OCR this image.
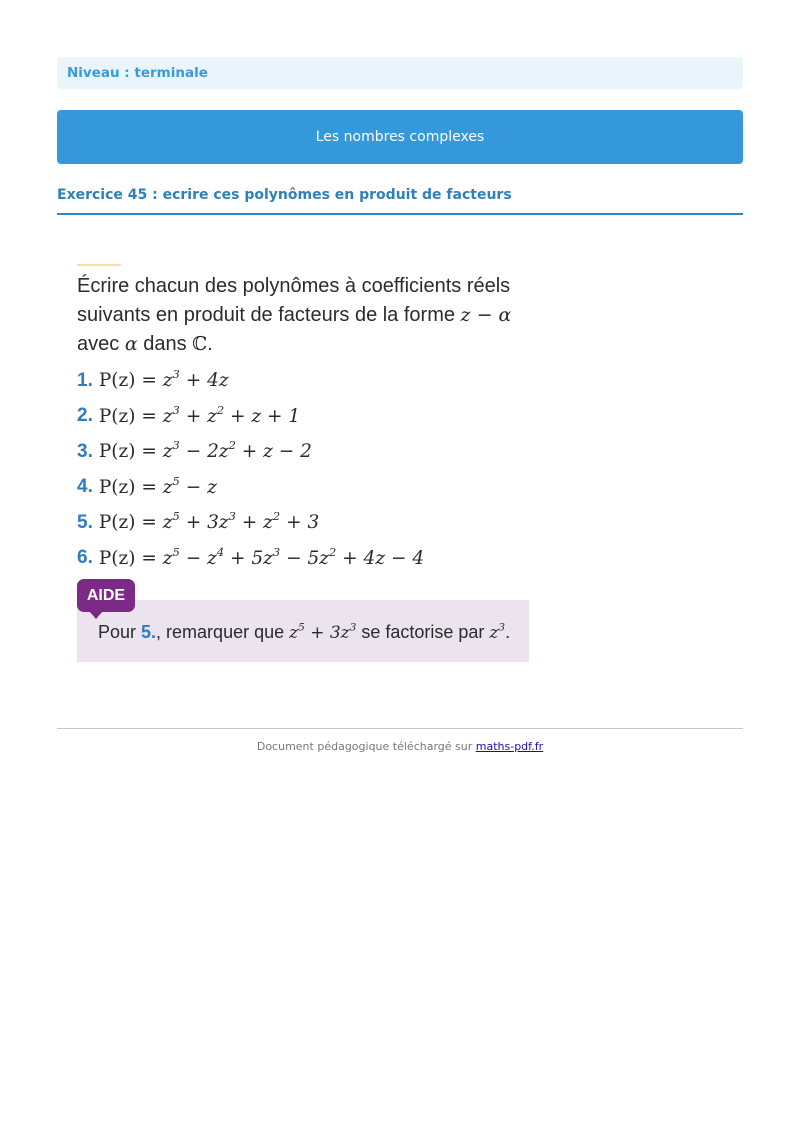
Niveau : terminale
Les nombres complexes
Exercice 45 : ecrire ces polynômes en produit de facteurs
Écrire chacun des polynômes à coefficients réels
suivants en produit de facteurs de la forme z − α
avec α dans ℂ.
1. $P(z) = z^3 + 4z$
2. $P(z) = z^3 + z^2 + z + 1$
3. $P(z) = z^3 - 2z^2 + z - 2$
4. $P(z) = z^5 - z$
5. $P(z) = z^5 + 3z^3 + z^2 + 3$
6. $P(z) = z^5 - z^4 + 5z^3 - 5z^2 + 4z - 4$
Pour 5., remarquer que $z^5 + 3z^3$ se factorise par $z^3$.
AIDE
Document pédagogique téléchargé sur maths-pdf.fr
